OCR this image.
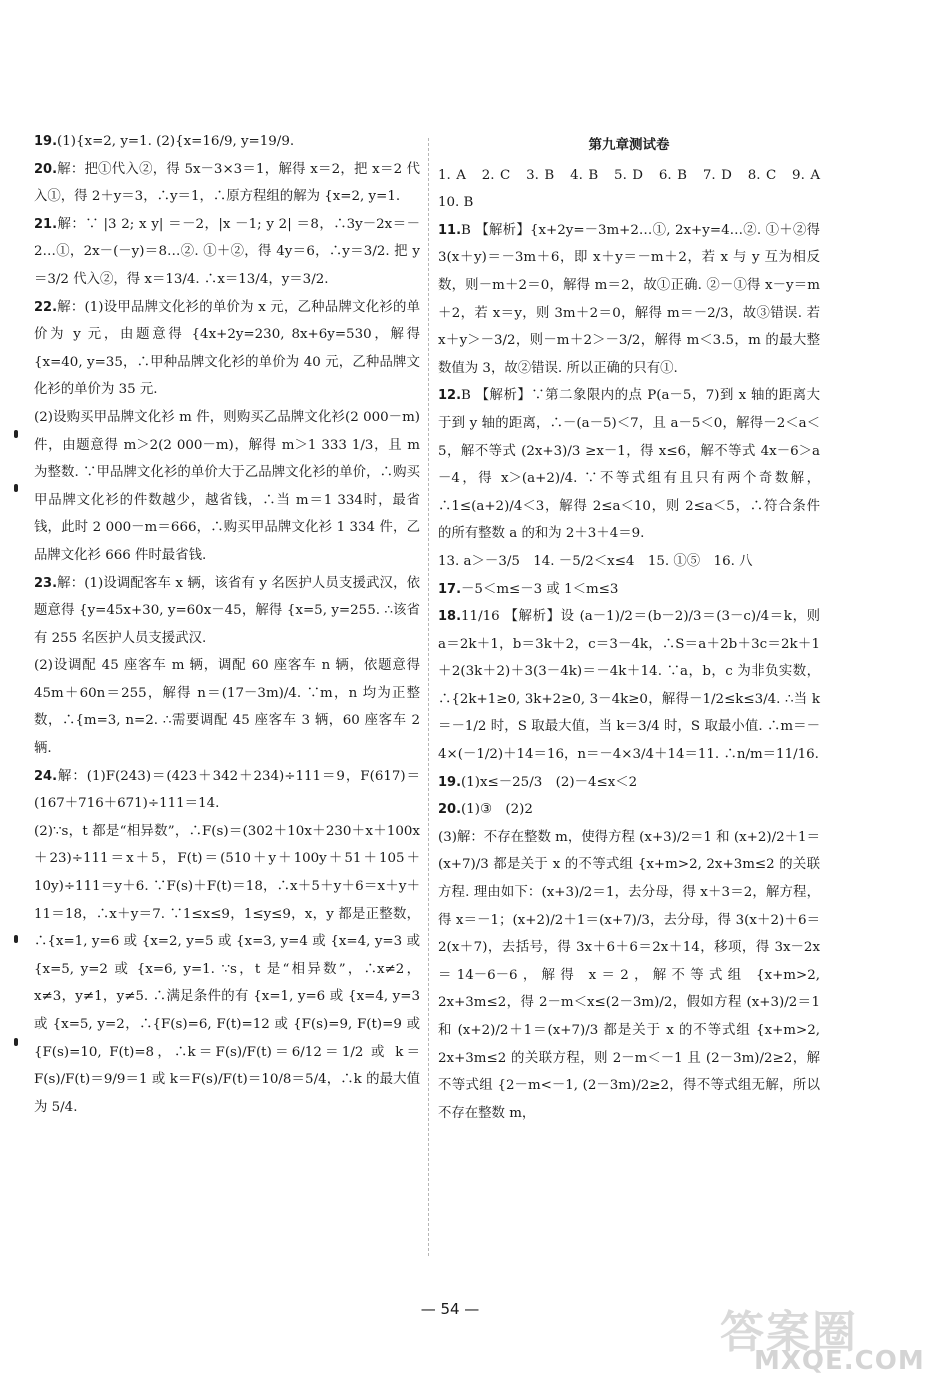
19.(1){x=2, y=1. (2){x=16/9, y=19/9.

20.解：把①代入②，得 5x－3×3＝1，解得 x＝2，把 x＝2 代入①，得 2＋y＝3，∴y＝1，∴原方程组的解为 {x=2, y=1.

21.解：∵ |3 2; x y| ＝－2，|x －1; y 2| ＝8，∴3y－2x＝－2…①，2x－(－y)＝8…②. ①＋②，得 4y＝6，∴y＝3/2. 把 y＝3/2 代入②，得 x＝13/4. ∴x＝13/4，y＝3/2.

22.解：(1)设甲品牌文化衫的单价为 x 元，乙种品牌文化衫的单价为 y 元，由题意得 {4x+2y=230, 8x+6y=530，解得 {x=40, y=35，∴甲种品牌文化衫的单价为 40 元，乙种品牌文化衫的单价为 35 元.

(2)设购买甲品牌文化衫 m 件，则购买乙品牌文化衫(2 000－m)件，由题意得 m＞2(2 000－m)，解得 m＞1 333 1/3，且 m 为整数. ∵甲品牌文化衫的单价大于乙品牌文化衫的单价，∴购买甲品牌文化衫的件数越少，越省钱，∴当 m＝1 334时，最省钱，此时 2 000－m＝666，∴购买甲品牌文化衫 1 334 件，乙品牌文化衫 666 件时最省钱.

23.解：(1)设调配客车 x 辆，该省有 y 名医护人员支援武汉，依题意得 {y=45x+30, y=60x－45，解得 {x=5, y=255. ∴该省有 255 名医护人员支援武汉.

(2)设调配 45 座客车 m 辆，调配 60 座客车 n 辆，依题意得 45m＋60n＝255，解得 n＝(17－3m)/4. ∵m，n 均为正整数，∴{m=3, n=2. ∴需要调配 45 座客车 3 辆，60 座客车 2 辆.

24.解：(1)F(243)＝(423＋342＋234)÷111＝9，F(617)＝(167＋716＋671)÷111＝14.

(2)∵s，t 都是“相异数”，∴F(s)＝(302＋10x＋230＋x＋100x＋23)÷111＝x＋5，F(t)＝(510＋y＋100y＋51＋105＋10y)÷111＝y＋6. ∵F(s)＋F(t)＝18，∴x＋5＋y＋6＝x＋y＋11＝18，∴x＋y＝7. ∵1≤x≤9，1≤y≤9，x，y 都是正整数，∴{x=1, y=6 或 {x=2, y=5 或 {x=3, y=4 或 {x=4, y=3 或 {x=5, y=2 或 {x=6, y=1. ∵s，t 是“相异数”，∴x≠2，x≠3，y≠1，y≠5. ∴满足条件的有 {x=1, y=6 或 {x=4, y=3 或 {x=5, y=2，∴{F(s)=6, F(t)=12 或 {F(s)=9, F(t)=9 或 {F(s)=10, F(t)=8，∴k＝F(s)/F(t)＝6/12＝1/2 或 k＝F(s)/F(t)＝9/9＝1 或 k＝F(s)/F(t)＝10/8＝5/4，∴k 的最大值为 5/4.

第九章测试卷

1. A　2. C　3. B　4. B　5. D　6. B　7. D　8. C　9. A　10. B

11.B 【解析】{x+2y=－3m+2…①, 2x+y=4…②. ①＋②得 3(x＋y)＝－3m＋6，即 x＋y＝－m＋2，若 x 与 y 互为相反数，则－m＋2＝0，解得 m＝2，故①正确. ②－①得 x－y＝m＋2，若 x＝y，则 3m＋2＝0，解得 m＝－2/3，故③错误. 若 x＋y＞－3/2，则－m＋2＞－3/2，解得 m＜3.5，m 的最大整数值为 3，故②错误. 所以正确的只有①.

12.B 【解析】∵第二象限内的点 P(a－5，7)到 x 轴的距离大于到 y 轴的距离，∴－(a－5)＜7，且 a－5＜0，解得－2＜a＜5，解不等式 (2x+3)/3 ≥x－1，得 x≤6，解不等式 4x－6＞a－4，得 x＞(a+2)/4. ∵不等式组有且只有两个奇数解，∴1≤(a+2)/4＜3，解得 2≤a＜10，则 2≤a＜5，∴符合条件的所有整数 a 的和为 2＋3＋4＝9.

13. a＞－3/5　14. －5/2＜x≤4　15. ①⑤　16. 八

17.－5＜m≤－3 或 1＜m≤3

18.11/16 【解析】设 (a－1)/2＝(b－2)/3＝(3－c)/4＝k，则 a＝2k＋1，b＝3k＋2，c＝3－4k，∴S＝a＋2b＋3c＝2k＋1＋2(3k＋2)＋3(3－4k)＝－4k＋14. ∵a，b，c 为非负实数，∴{2k+1≥0, 3k+2≥0, 3－4k≥0，解得－1/2≤k≤3/4. ∴当 k＝－1/2 时，S 取最大值，当 k＝3/4 时，S 取最小值. ∴m＝－4×(－1/2)＋14＝16，n＝－4×3/4＋14＝11. ∴n/m＝11/16.

19.(1)x≤－25/3　(2)－4≤x＜2

20.(1)③　(2)2

(3)解：不存在整数 m，使得方程 (x+3)/2＝1 和 (x+2)/2＋1＝(x+7)/3 都是关于 x 的不等式组 {x+m>2, 2x+3m≤2 的关联方程. 理由如下：(x+3)/2＝1，去分母，得 x＋3＝2，解方程，得 x＝－1；(x+2)/2＋1＝(x+7)/3，去分母，得 3(x＋2)＋6＝2(x＋7)，去括号，得 3x＋6＋6＝2x＋14，移项，得 3x－2x＝14－6－6，解得 x＝2，解不等式组 {x+m>2, 2x+3m≤2，得 2－m＜x≤(2－3m)/2，假如方程 (x+3)/2＝1 和 (x+2)/2＋1＝(x+7)/3 都是关于 x 的不等式组 {x+m>2, 2x+3m≤2 的关联方程，则 2－m＜－1 且 (2－3m)/2≥2，解不等式组 {2－m<－1, (2－3m)/2≥2，得不等式组无解，所以不存在整数 m，

— 54 —	答案圈
MXQE.COM
